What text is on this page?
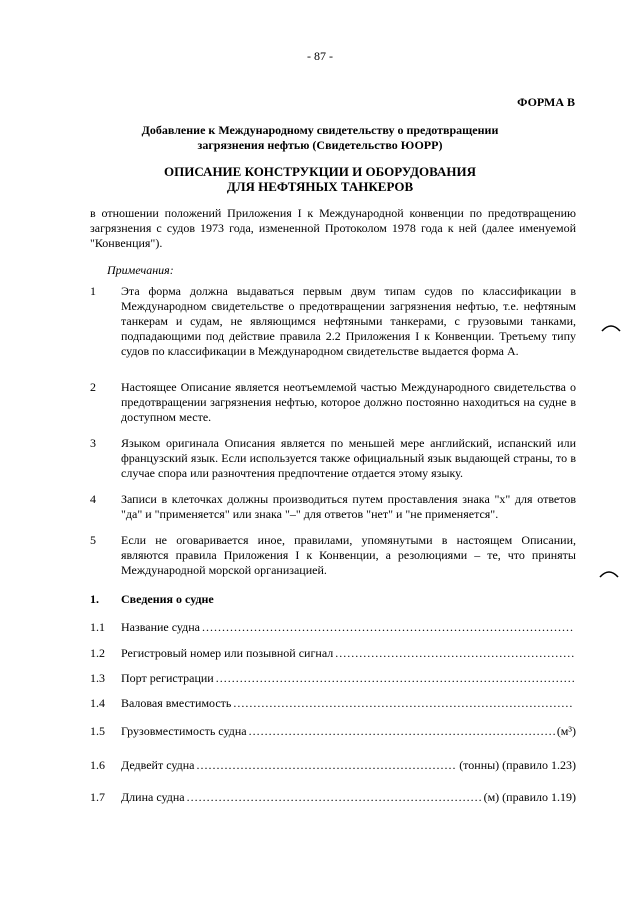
- 87 -
ФОРМА В
Добавление к Международному свидетельству о предотвращении
загрязнения нефтью (Свидетельство ЮОРР)
ОПИСАНИЕ КОНСТРУКЦИИ И ОБОРУДОВАНИЯ
ДЛЯ НЕФТЯНЫХ ТАНКЕРОВ
в отношении положений Приложения I к Международной конвенции по предотвращению загрязнения с судов 1973 года, измененной Протоколом 1978 года к ней (далее именуемой "Конвенция").
Примечания:
1 Эта форма должна выдаваться первым двум типам судов по классификации в Международном свидетельстве о предотвращении загрязнения нефтью, т.е. нефтяным танкерам и судам, не являющимся нефтяными танкерами, с грузовыми танками, подпадающими под действие правила 2.2 Приложения I к Конвенции. Третьему типу судов по классификации в Международном свидетельстве выдается форма А.
2 Настоящее Описание является неотъемлемой частью Международного свидетельства о предотвращении загрязнения нефтью, которое должно постоянно находиться на судне в доступном месте.
3 Языком оригинала Описания является по меньшей мере английский, испанский или французский язык. Если используется также официальный язык выдающей страны, то в случае спора или разночтения предпочтение отдается этому языку.
4 Записи в клеточках должны производиться путем проставления знака "х" для ответов "да" и "применяется" или знака "–" для ответов "нет" и "не применяется".
5 Если не оговаривается иное, правилами, упомянутыми в настоящем Описании, являются правила Приложения I к Конвенции, а резолюциями – те, что приняты Международной морской организацией.
1. Сведения о судне
1.1 Название судна
.....
1.2 Регистровый номер или позывной сигнал
.....
1.3 Порт регистрации
.....
1.4 Валовая вместимость
.....
1.5 Грузовместимость судна .....	(м³)
1.6 Дедвейт судна .....	(тонны) (правило 1.23)
1.7 Длина судна .....	(м) (правило 1.19)
